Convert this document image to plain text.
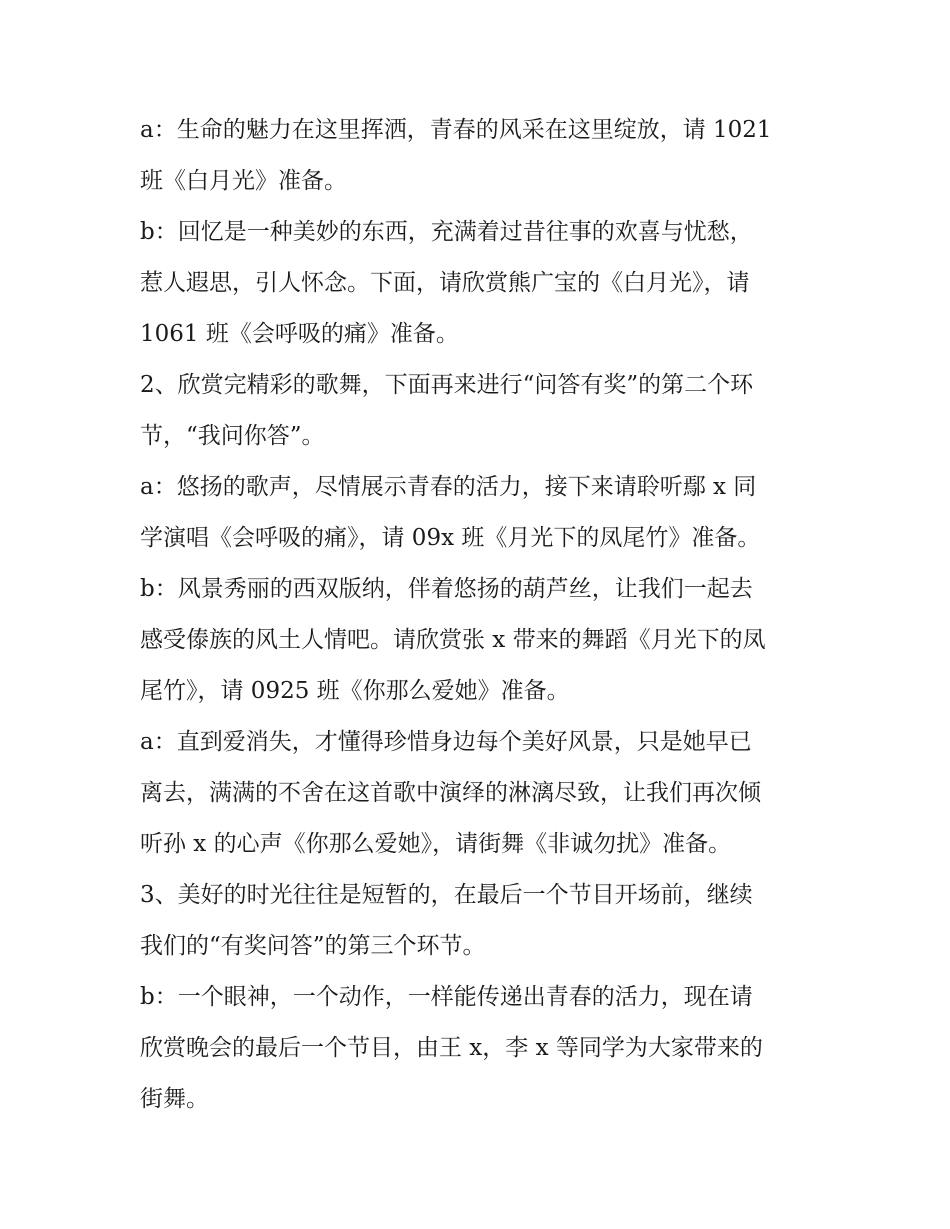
a：生命的魅力在这里挥洒，青春的风采在这里绽放，请 1021
班《白月光》准备。
b：回忆是一种美妙的东西，充满着过昔往事的欢喜与忧愁，
惹人遐思，引人怀念。下面，请欣赏熊广宝的《白月光》，请
1061 班《会呼吸的痛》准备。
2、欣赏完精彩的歌舞，下面再来进行“问答有奖”的第二个环
节，“我问你答”。
a：悠扬的歌声，尽情展示青春的活力，接下来请聆听鄢 x 同
学演唱《会呼吸的痛》，请 09x 班《月光下的凤尾竹》准备。
b：风景秀丽的西双版纳，伴着悠扬的葫芦丝，让我们一起去
感受傣族的风土人情吧。请欣赏张 x 带来的舞蹈《月光下的凤
尾竹》，请 0925 班《你那么爱她》准备。
a：直到爱消失，才懂得珍惜身边每个美好风景，只是她早已
离去，满满的不舍在这首歌中演绎的淋漓尽致，让我们再次倾
听孙 x 的心声《你那么爱她》，请街舞《非诚勿扰》准备。
3、美好的时光往往是短暂的，在最后一个节目开场前，继续
我们的“有奖问答”的第三个环节。
b：一个眼神，一个动作，一样能传递出青春的活力，现在请
欣赏晚会的最后一个节目，由王 x，李 x 等同学为大家带来的
街舞。
